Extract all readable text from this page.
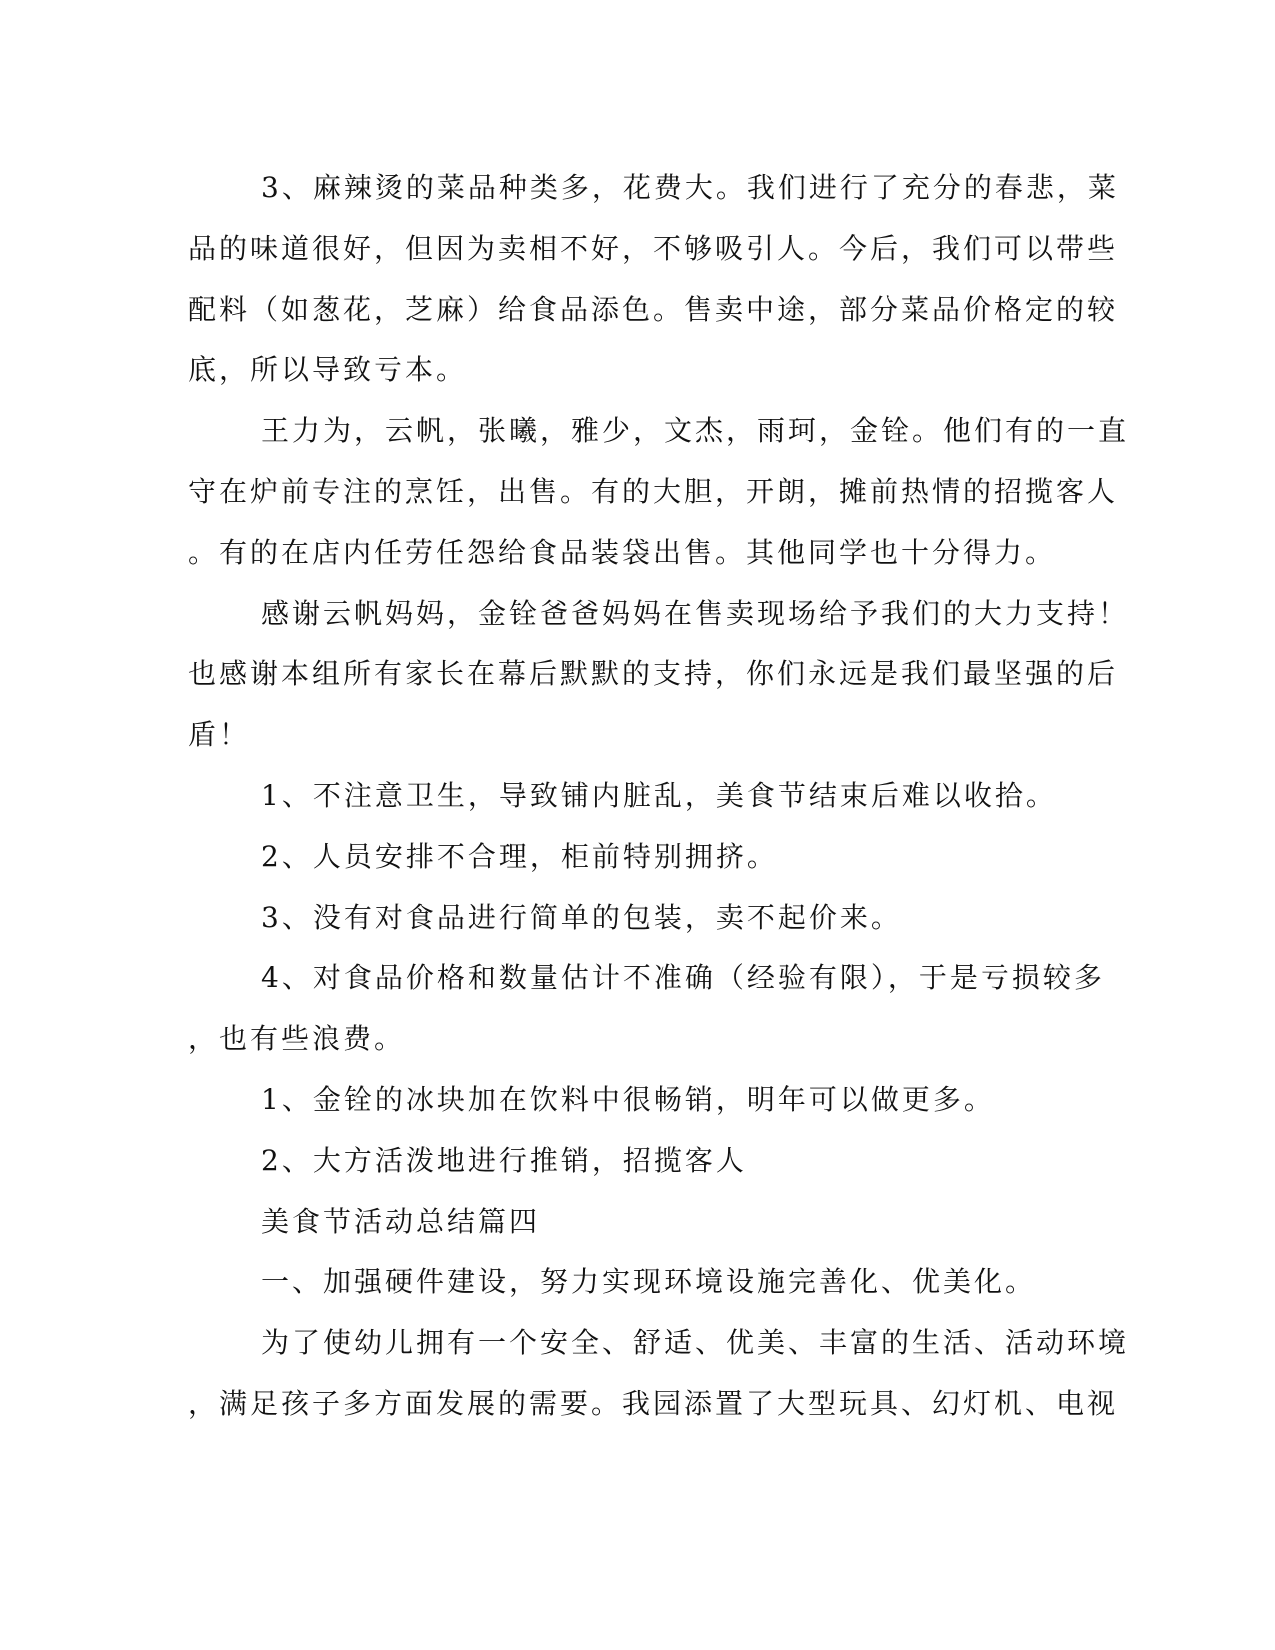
3、麻辣烫的菜品种类多，花费大。我们进行了充分的春悲，菜
品的味道很好，但因为卖相不好，不够吸引人。今后，我们可以带些
配料（如葱花，芝麻）给食品添色。售卖中途，部分菜品价格定的较
底，所以导致亏本。
王力为，云帆，张曦，雅少，文杰，雨珂，金铨。他们有的一直
守在炉前专注的烹饪，出售。有的大胆，开朗，摊前热情的招揽客人
。有的在店内任劳任怨给食品装袋出售。其他同学也十分得力。
感谢云帆妈妈，金铨爸爸妈妈在售卖现场给予我们的大力支持！
也感谢本组所有家长在幕后默默的支持，你们永远是我们最坚强的后
盾！
1、不注意卫生，导致铺内脏乱，美食节结束后难以收拾。
2、人员安排不合理，柜前特别拥挤。
3、没有对食品进行简单的包装，卖不起价来。
4、对食品价格和数量估计不准确（经验有限），于是亏损较多
，也有些浪费。
1、金铨的冰块加在饮料中很畅销，明年可以做更多。
2、大方活泼地进行推销，招揽客人
美食节活动总结篇四
一、加强硬件建设，努力实现环境设施完善化、优美化。
为了使幼儿拥有一个安全、舒适、优美、丰富的生活、活动环境
，满足孩子多方面发展的需要。我园添置了大型玩具、幻灯机、电视
